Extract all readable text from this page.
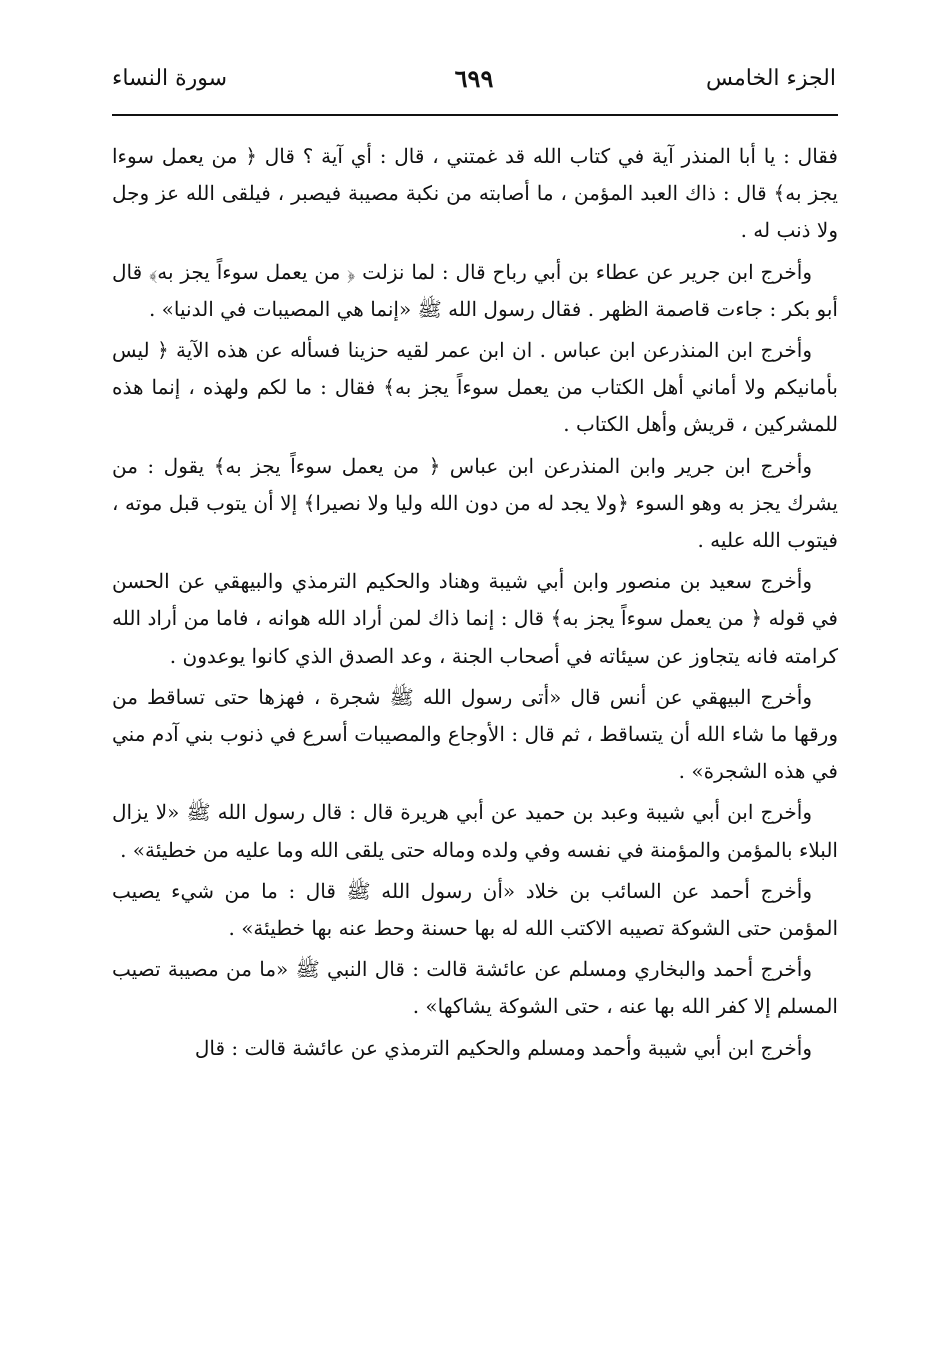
الجزء الخامس
٦٩٩
سورة النساء

فقال : يا أبا المنذر آية في كتاب الله قد غمتني ، قال : أي آية ؟ قال ﴿ من يعمل سوءا يجز به﴾ قال : ذاك العبد المؤمن ، ما أصابته من نكبة مصيبة فيصبر ، فيلقى الله عز وجل ولا ذنب له .

وأخرج ابن جرير عن عطاء بن أبي رباح قال : لما نزلت ﴿ من يعمل سوءاً يجز به﴾ قال أبو بكر : جاءت قاصمة الظهر . فقال رسول الله ﷺ «إنما هي المصيبات في الدنيا» .

وأخرج ابن المنذرعن ابن عباس . ان ابن عمر لقيه حزينا فسأله عن هذه الآية ﴿ ليس بأمانيكم ولا أماني أهل الكتاب من يعمل سوءاً يجز به﴾ فقال : ما لكم ولهذه ، إنما هذه للمشركين ، قريش وأهل الكتاب .

وأخرج ابن جرير وابن المنذرعن ابن عباس ﴿ من يعمل سوءاً يجز به﴾ يقول : من يشرك يجز به وهو السوء ﴿ولا يجد له من دون الله وليا ولا نصيرا﴾ إلا أن يتوب قبل موته ، فيتوب الله عليه .

وأخرج سعيد بن منصور وابن أبي شيبة وهناد والحكيم الترمذي والبيهقي عن الحسن في قوله ﴿ من يعمل سوءاً يجز به﴾ قال : إنما ذاك لمن أراد الله هوانه ، فاما من أراد الله كرامته فانه يتجاوز عن سيئاته في أصحاب الجنة ، وعد الصدق الذي كانوا يوعدون .

وأخرج البيهقي عن أنس قال «أتى رسول الله ﷺ شجرة ، فهزها حتى تساقط من ورقها ما شاء الله أن يتساقط ، ثم قال : الأوجاع والمصيبات أسرع في ذنوب بني آدم مني في هذه الشجرة» .

وأخرج ابن أبي شيبة وعبد بن حميد عن أبي هريرة قال : قال رسول الله ﷺ «لا يزال البلاء بالمؤمن والمؤمنة في نفسه وفي ولده وماله حتى يلقى الله وما عليه من خطيئة» .

وأخرج أحمد عن السائب بن خلاد «أن رسول الله ﷺ قال : ما من شيء يصيب المؤمن حتى الشوكة تصيبه الاكتب الله له بها حسنة وحط عنه بها خطيئة» .

وأخرج أحمد والبخاري ومسلم عن عائشة قالت : قال النبي ﷺ «ما من مصيبة تصيب المسلم إلا كفر الله بها عنه ، حتى الشوكة يشاكها» .

وأخرج ابن أبي شيبة وأحمد ومسلم والحكيم الترمذي عن عائشة قالت : قال
